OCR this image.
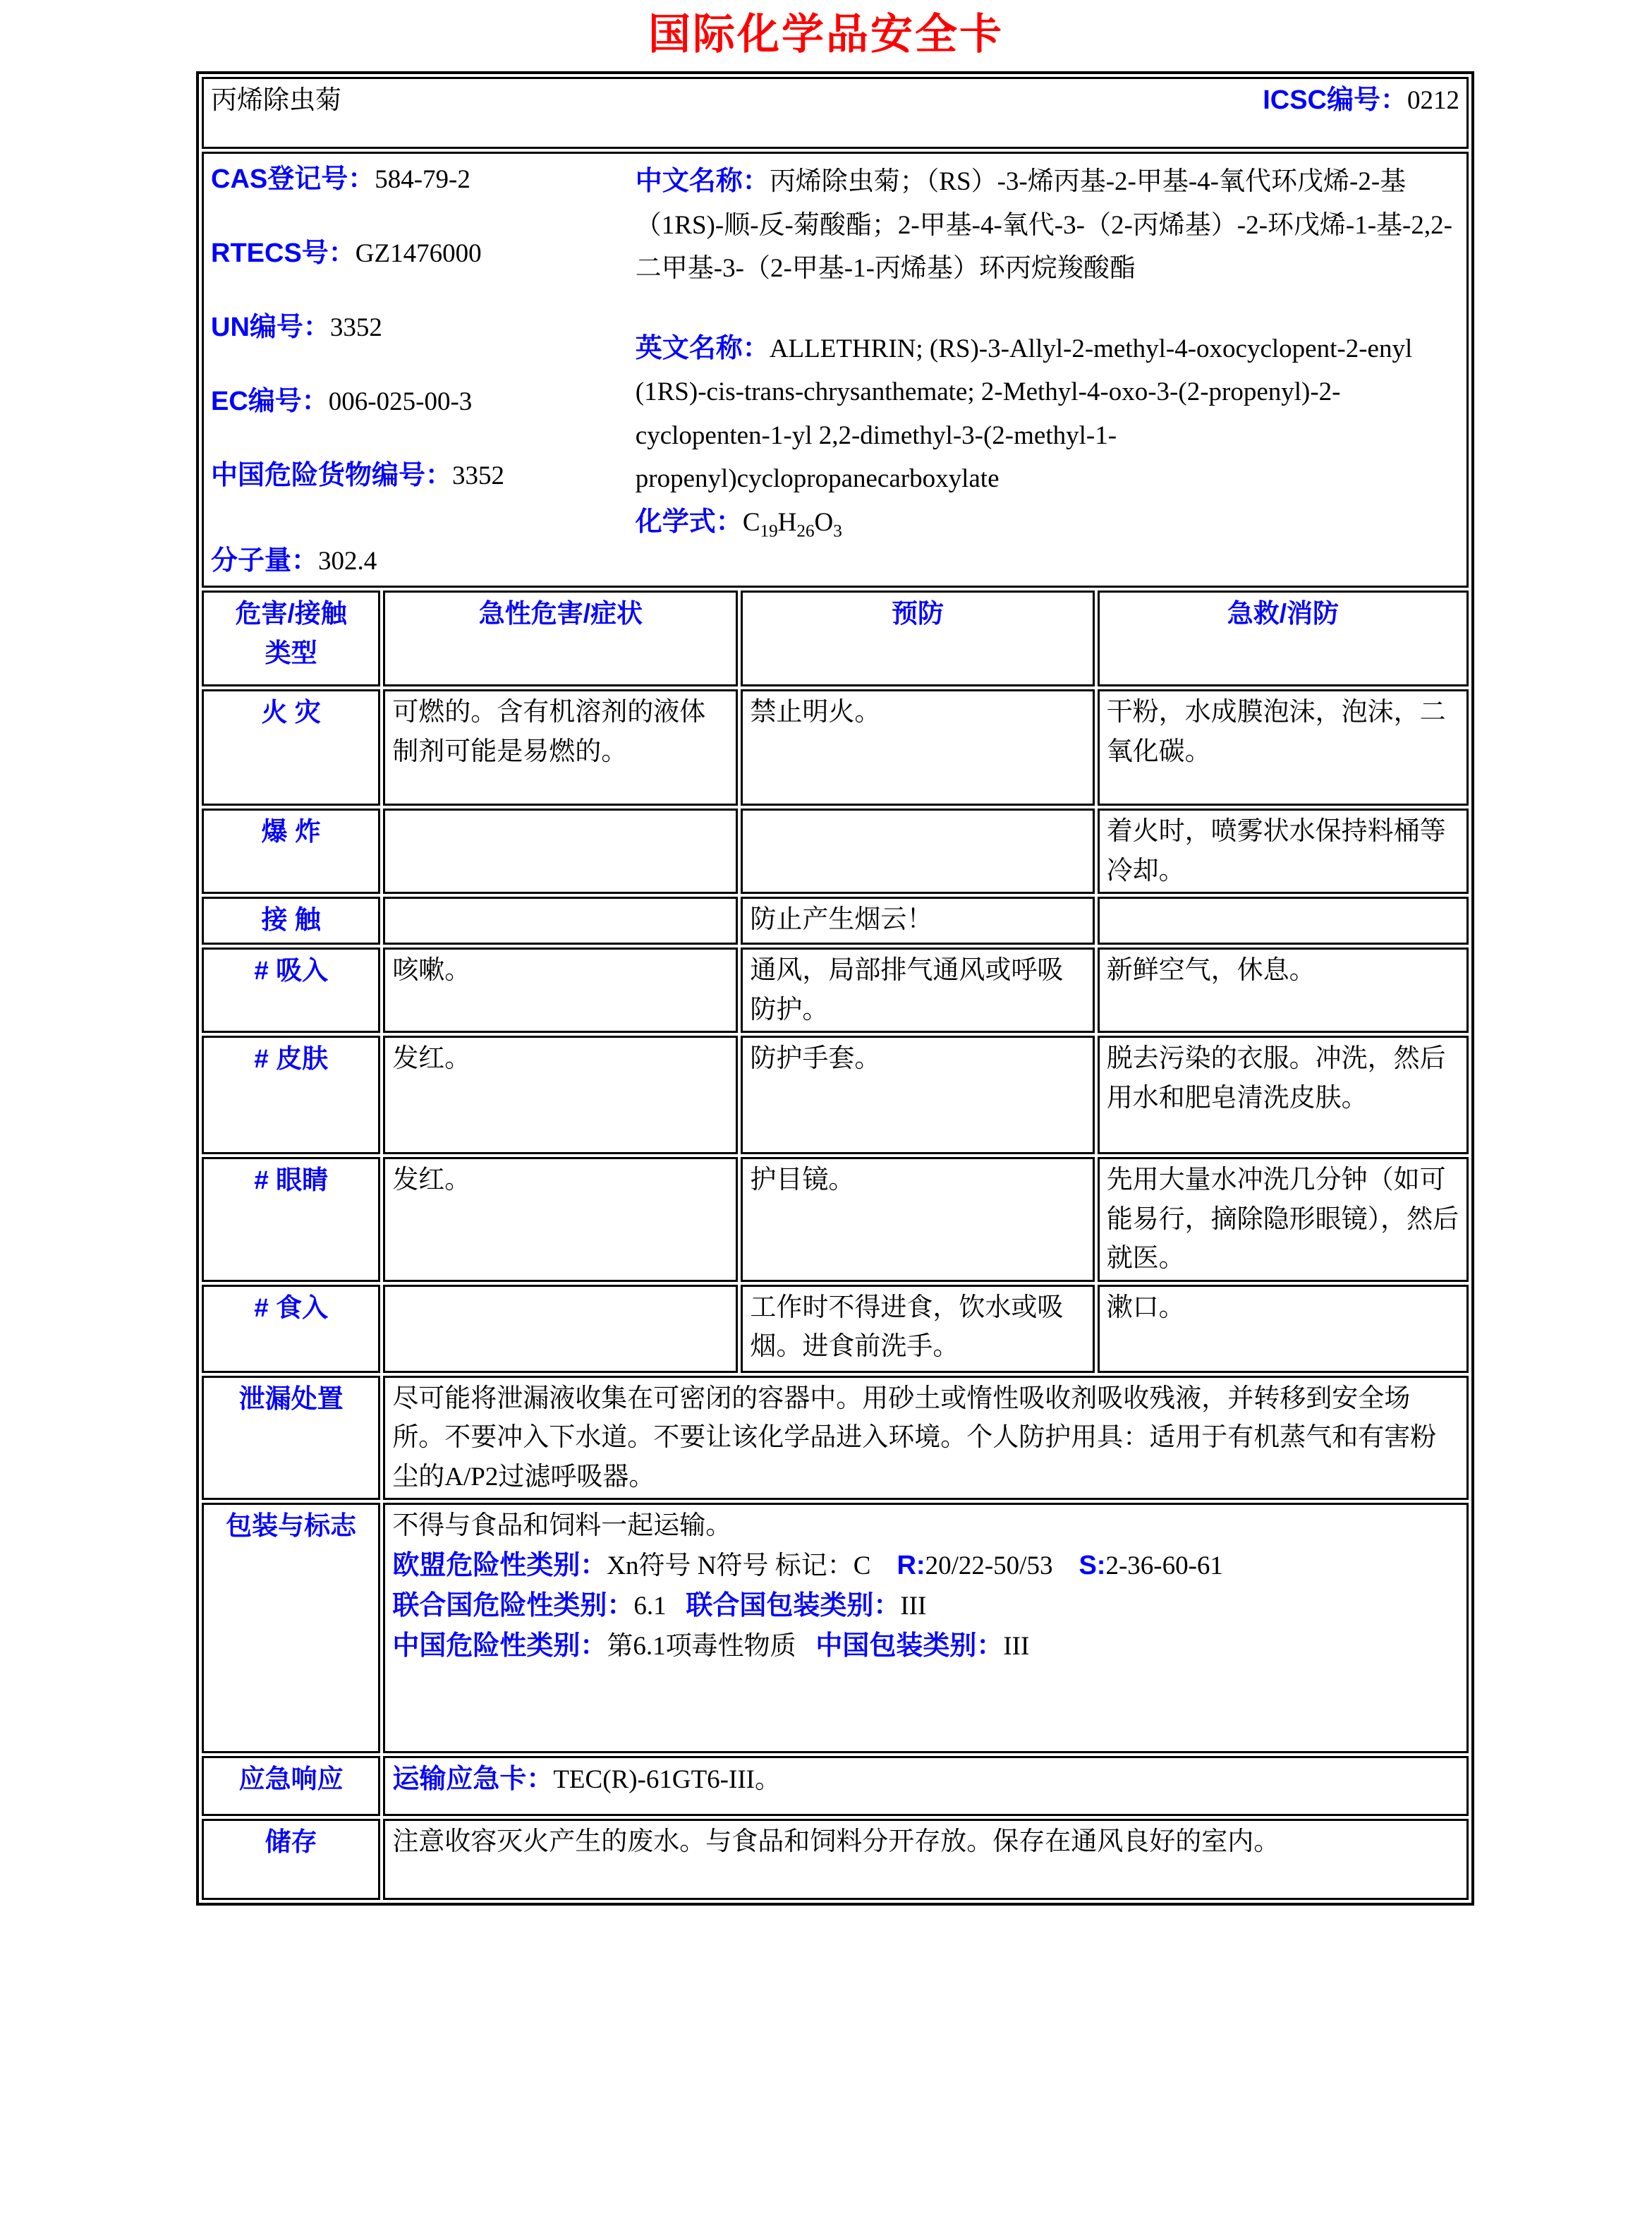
国际化学品安全卡
丙烯除虫菊 ICSC编号：0212			

CAS登记号：584-79-2
RTECS号：GZ1476000
UN编号：3352
EC编号：006-025-00-3
中国危险货物编号：3352
分子量：302.4
中文名称：丙烯除虫菊；（RS）-3-烯丙基-2-甲基-4-氧代环戊烯-2-基（1RS)-顺-反-菊酸酯；2-甲基-4-氧代-3-（2-丙烯基）-2-环戊烯-1-基-2,2-二甲基-3-（2-甲基-1-丙烯基）环丙烷羧酸酯
英文名称：ALLETHRIN; (RS)-3-Allyl-2-methyl-4-oxocyclopent-2-enyl (1RS)-cis-trans-chrysanthemate; 2-Methyl-4-oxo-3-(2-propenyl)-2-cyclopenten-1-yl 2,2-dimethyl-3-(2-methyl-1-propenyl)cyclopropanecarboxylate
化学式：$C_{19}H_{26}O_3$

危害/接触
类型	急性危害/症状	预防	急救/消防
火 灾	可燃的。含有机溶剂的液体制剂可能是易燃的。	禁止明火。	干粉，水成膜泡沫，泡沫，二氧化碳。
爆 炸			着火时，喷雾状水保持料桶等冷却。
接 触		防止产生烟云！	
# 吸入	咳嗽。	通风，局部排气通风或呼吸防护。	新鲜空气，休息。
# 皮肤	发红。	防护手套。	脱去污染的衣服。冲洗，然后用水和肥皂清洗皮肤。
# 眼睛	发红。	护目镜。	先用大量水冲洗几分钟（如可能易行，摘除隐形眼镜），然后就医。
# 食入		工作时不得进食，饮水或吸烟。进食前洗手。	漱口。
泄漏处置	尽可能将泄漏液收集在可密闭的容器中。用砂土或惰性吸收剂吸收残液，并转移到安全场所。不要冲入下水道。不要让该化学品进入环境。个人防护用具：适用于有机蒸气和有害粉尘的A/P2过滤呼吸器。		
包装与标志	不得与食品和饲料一起运输。
欧盟危险性类别：Xn符号 N符号 标记：C    R:20/22-50/53    S:2-36-60-61
联合国危险性类别：6.1   联合国包装类别：III
中国危险性类别：第6.1项毒性物质   中国包装类别：III		

应急响应	运输应急卡：TEC(R)-61GT6-III。		

储存	注意收容灭火产生的废水。与食品和饲料分开存放。保存在通风良好的室内。		
